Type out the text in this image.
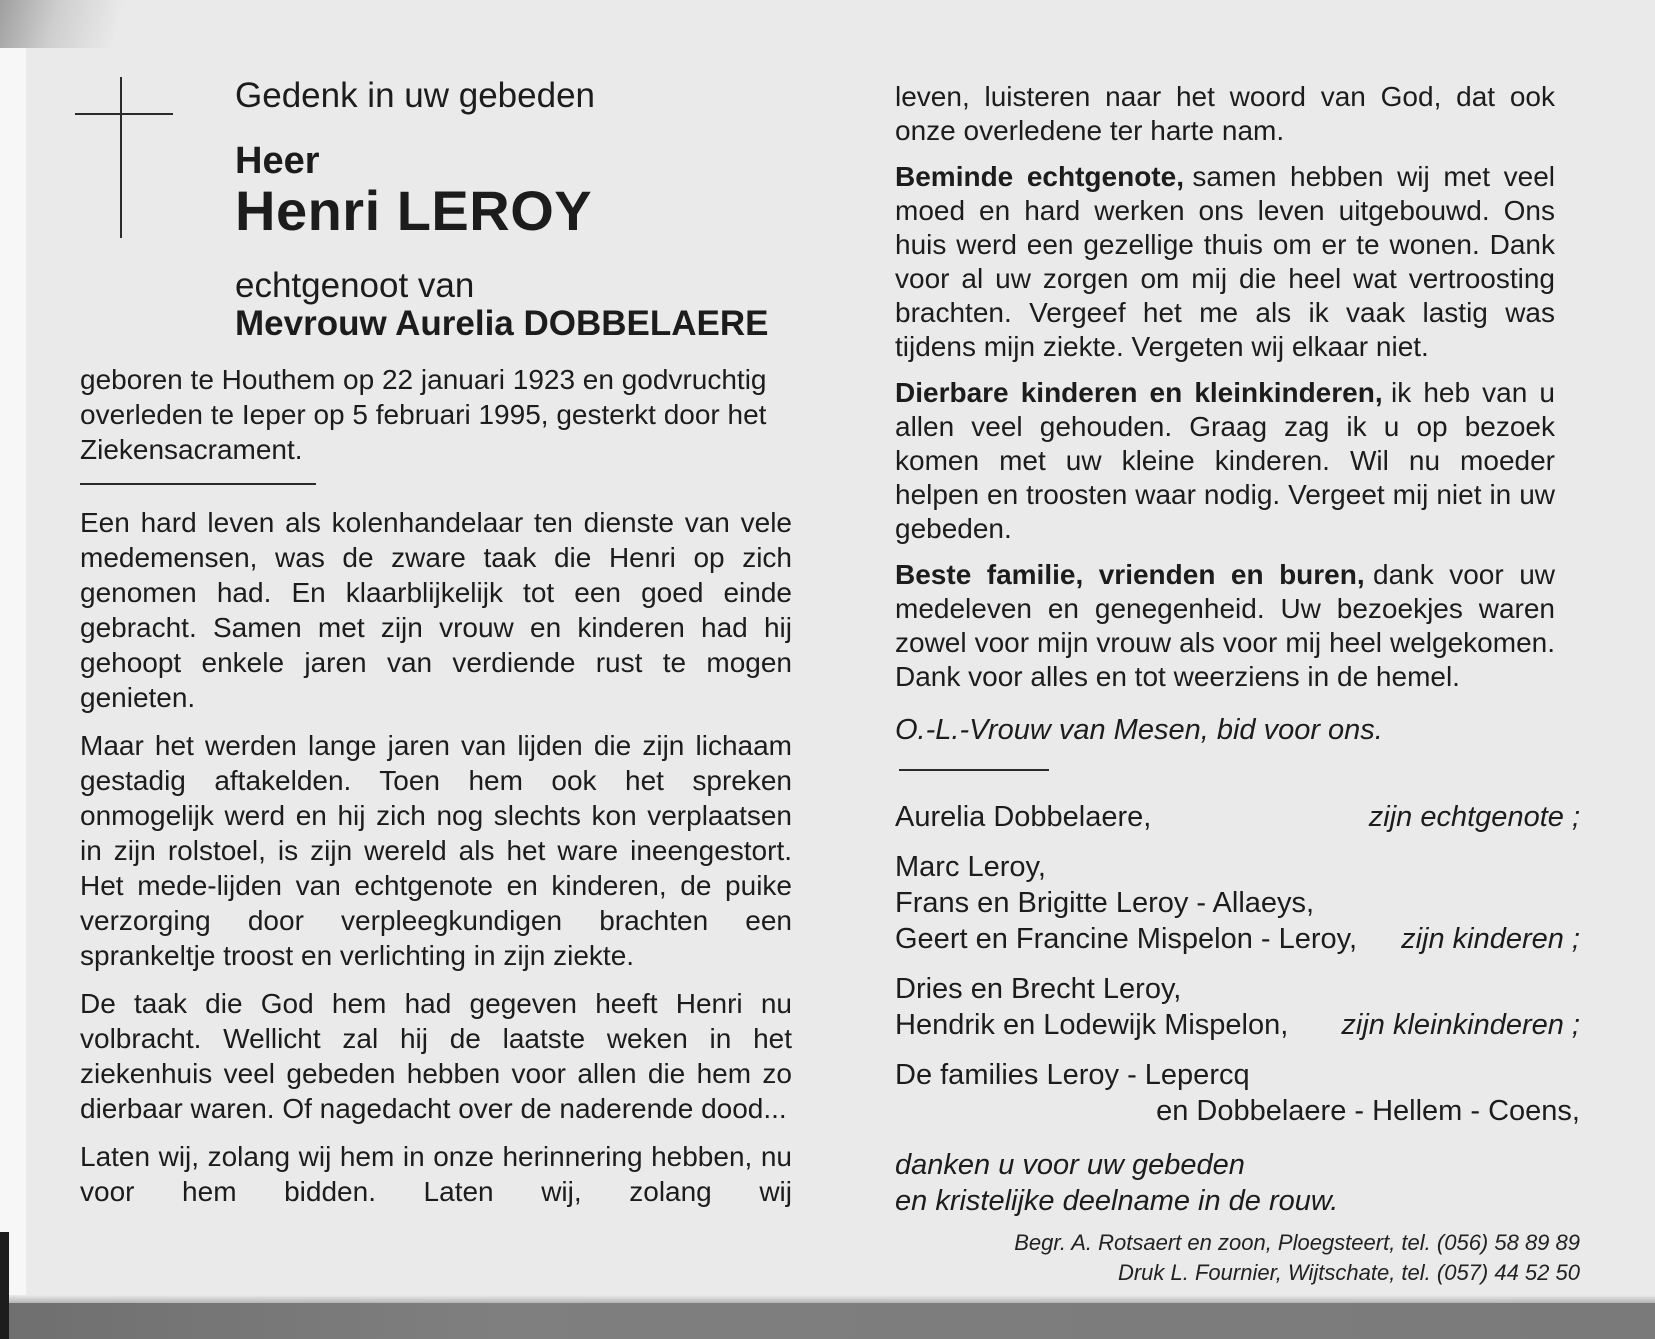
Gedenk in uw gebeden
Heer
Henri LEROY
echtgenoot van
Mevrouw Aurelia DOBBELAERE

geboren te Houthem op 22 januari 1923 en godvruchtig overleden te Ieper op 5 februari 1995, gesterkt door het Ziekensacrament.

Een hard leven als kolenhandelaar ten dienste van vele medemensen, was de zware taak die Henri op zich genomen had. En klaarblijkelijk tot een goed einde gebracht. Samen met zijn vrouw en kinderen had hij gehoopt enkele jaren van verdiende rust te mogen genieten.

Maar het werden lange jaren van lijden die zijn lichaam gestadig aftakelden. Toen hem ook het spreken onmogelijk werd en hij zich nog slechts kon verplaatsen in zijn rolstoel, is zijn wereld als het ware ineengestort. Het mede-lijden van echtgenote en kinderen, de puike verzorging door verpleegkundigen brachten een sprankeltje troost en verlichting in zijn ziekte.

De taak die God hem had gegeven heeft Henri nu volbracht. Wellicht zal hij de laatste weken in het ziekenhuis veel gebeden hebben voor allen die hem zo dierbaar waren. Of nagedacht over de naderende dood...

Laten wij, zolang wij hem in onze herinnering hebben, nu voor hem bidden. Laten wij, zolang wij

leven, luisteren naar het woord van God, dat ook onze overledene ter harte nam.

Beminde echtgenote, samen hebben wij met veel moed en hard werken ons leven uitgebouwd. Ons huis werd een gezellige thuis om er te wonen. Dank voor al uw zorgen om mij die heel wat vertroosting brachten. Vergeef het me als ik vaak lastig was tijdens mijn ziekte. Vergeten wij elkaar niet.

Dierbare kinderen en kleinkinderen, ik heb van u allen veel gehouden. Graag zag ik u op bezoek komen met uw kleine kinderen. Wil nu moeder helpen en troosten waar nodig. Vergeet mij niet in uw gebeden.

Beste familie, vrienden en buren, dank voor uw medeleven en genegenheid. Uw bezoekjes waren zowel voor mijn vrouw als voor mij heel welgekomen. Dank voor alles en tot weerziens in de hemel.

O.-L.-Vrouw van Mesen, bid voor ons.
Aurelia Dobbelaere,	zijn echtgenote ;
Marc Leroy,
Frans en Brigitte Leroy - Allaeys,
Geert en Francine Mispelon - Leroy, zijn kinderen ;
Dries en Brecht Leroy,
Hendrik en Lodewijk Mispelon, zijn kleinkinderen ;
De families Leroy - Lepercq
en Dobbelaere - Hellem - Coens,
danken u voor uw gebeden
en kristelijke deelname in de rouw.
Begr. A. Rotsaert en zoon, Ploegsteert, tel. (056) 58 89 89
Druk L. Fournier, Wijtschate, tel. (057) 44 52 50
